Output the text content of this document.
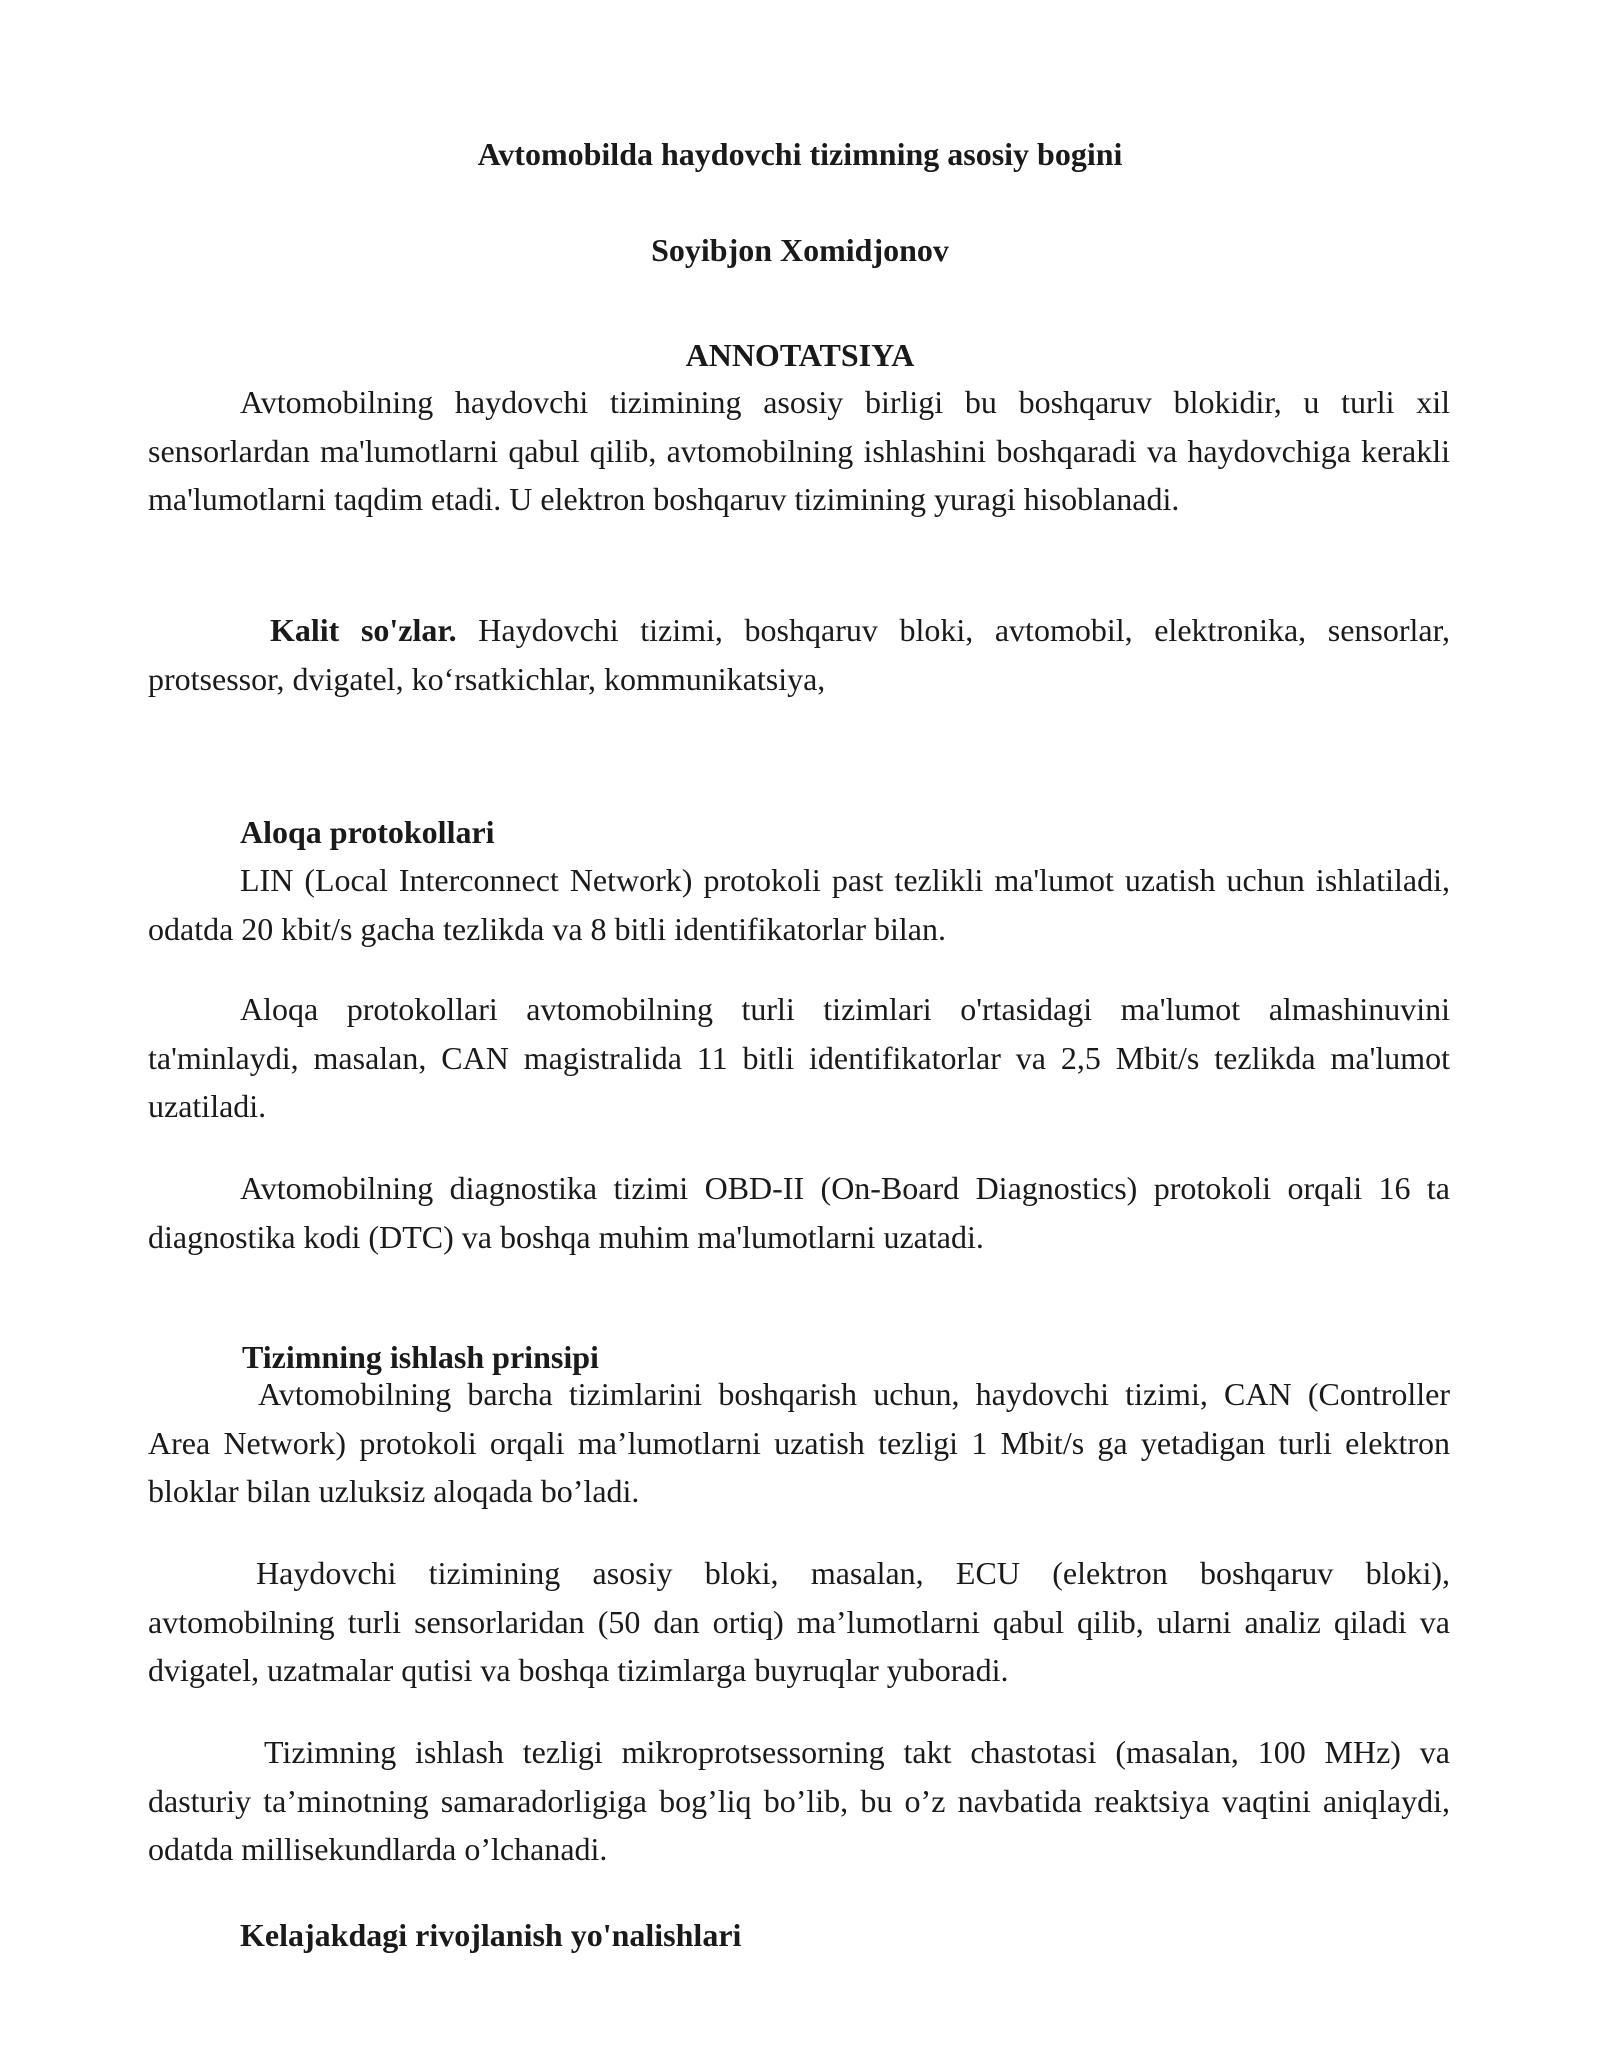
Avtomobilda haydovchi tizimning asosiy bogini
Soyibjon Xomidjonov
ANNOTATSIYA

Avtomobilning haydovchi tizimining asosiy birligi bu boshqaruv blokidir, u turli xil sensorlardan ma'lumotlarni qabul qilib, avtomobilning ishlashini boshqaradi va haydovchiga kerakli ma'lumotlarni taqdim etadi. U elektron boshqaruv tizimining yuragi hisoblanadi.

Kalit so'zlar. Haydovchi tizimi, boshqaruv bloki, avtomobil, elektronika, sensorlar, protsessor, dvigatel, ko‘rsatkichlar, kommunikatsiya,

Aloqa protokollari

LIN (Local Interconnect Network) protokoli past tezlikli ma'lumot uzatish uchun ishlatiladi, odatda 20 kbit/s gacha tezlikda va 8 bitli identifikatorlar bilan.

Aloqa protokollari avtomobilning turli tizimlari o'rtasidagi ma'lumot almashinuvini ta'minlaydi, masalan, CAN magistralida 11 bitli identifikatorlar va 2,5 Mbit/s tezlikda ma'lumot uzatiladi.

Avtomobilning diagnostika tizimi OBD-II (On-Board Diagnostics) protokoli orqali 16 ta diagnostika kodi (DTC) va boshqa muhim ma'lumotlarni uzatadi.

Tizimning ishlash prinsipi

Avtomobilning barcha tizimlarini boshqarish uchun, haydovchi tizimi, CAN (Controller Area Network) protokoli orqali ma’lumotlarni uzatish tezligi 1 Mbit/s ga yetadigan turli elektron bloklar bilan uzluksiz aloqada bo’ladi.

Haydovchi tizimining asosiy bloki, masalan, ECU (elektron boshqaruv bloki), avtomobilning turli sensorlaridan (50 dan ortiq) ma’lumotlarni qabul qilib, ularni analiz qiladi va dvigatel, uzatmalar qutisi va boshqa tizimlarga buyruqlar yuboradi.

Tizimning ishlash tezligi mikroprotsessorning takt chastotasi (masalan, 100 MHz) va dasturiy ta’minotning samaradorligiga bog’liq bo’lib, bu o’z navbatida reaktsiya vaqtini aniqlaydi, odatda millisekundlarda o’lchanadi.

Kelajakdagi rivojlanish yo'nalishlari
